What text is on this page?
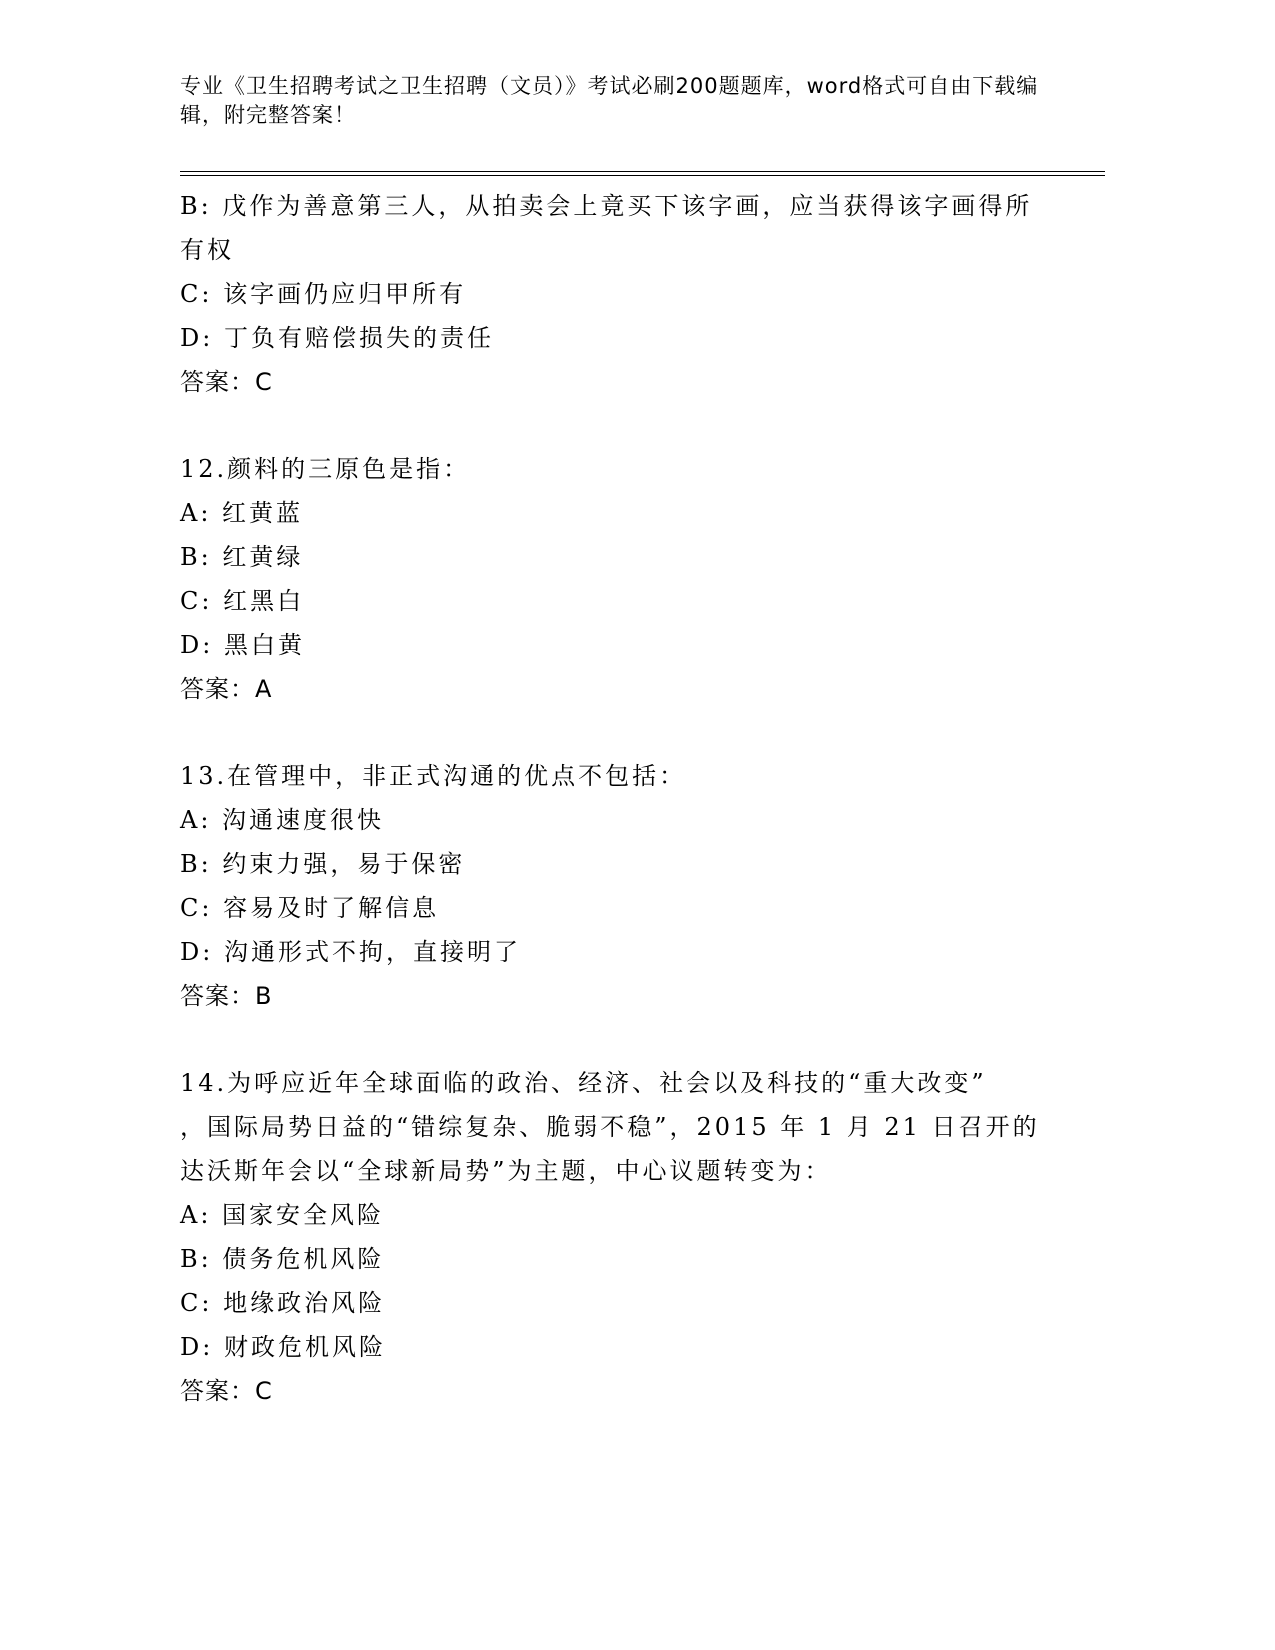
专业《卫生招聘考试之卫生招聘（文员）》考试必刷200题题库，word格式可自由下载编辑，附完整答案！
B: 戊作为善意第三人，从拍卖会上竟买下该字画，应当获得该字画得所有权
C: 该字画仍应归甲所有
D: 丁负有赔偿损失的责任
答案：C
12.颜料的三原色是指：
A: 红黄蓝
B: 红黄绿
C: 红黑白
D: 黑白黄
答案：A
13.在管理中，非正式沟通的优点不包括：
A: 沟通速度很快
B: 约束力强，易于保密
C: 容易及时了解信息
D: 沟通形式不拘，直接明了
答案：B
14.为呼应近年全球面临的政治、经济、社会以及科技的“重大改变”
，国际局势日益的“错综复杂、脆弱不稳”，2015 年 1 月 21 日召开的
达沃斯年会以“全球新局势”为主题，中心议题转变为：
A: 国家安全风险
B: 债务危机风险
C: 地缘政治风险
D: 财政危机风险
答案：C
